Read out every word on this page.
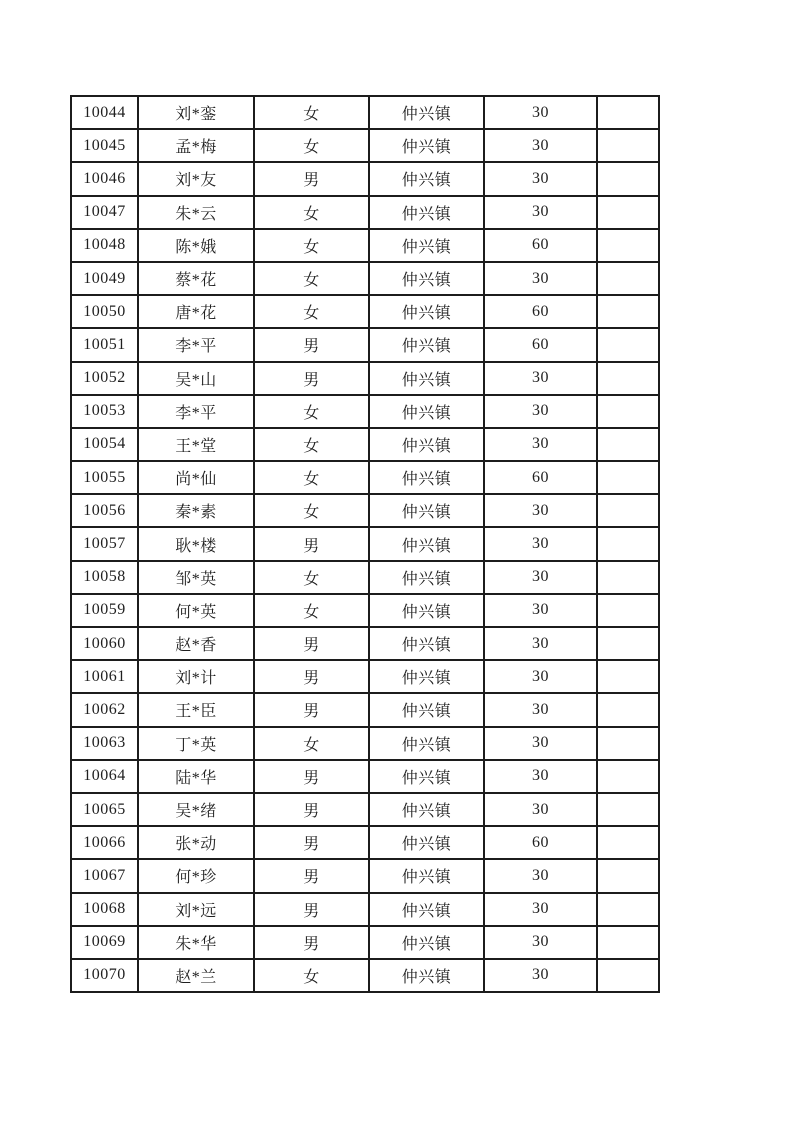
10044	刘*銮	女	仲兴镇	30	
10045	孟*梅	女	仲兴镇	30	
10046	刘*友	男	仲兴镇	30	
10047	朱*云	女	仲兴镇	30	
10048	陈*娥	女	仲兴镇	60	
10049	蔡*花	女	仲兴镇	30	
10050	唐*花	女	仲兴镇	60	
10051	李*平	男	仲兴镇	60	
10052	吴*山	男	仲兴镇	30	
10053	李*平	女	仲兴镇	30	
10054	王*堂	女	仲兴镇	30	
10055	尚*仙	女	仲兴镇	60	
10056	秦*素	女	仲兴镇	30	
10057	耿*楼	男	仲兴镇	30	
10058	邹*英	女	仲兴镇	30	
10059	何*英	女	仲兴镇	30	
10060	赵*香	男	仲兴镇	30	
10061	刘*计	男	仲兴镇	30	
10062	王*臣	男	仲兴镇	30	
10063	丁*英	女	仲兴镇	30	
10064	陆*华	男	仲兴镇	30	
10065	吴*绪	男	仲兴镇	30	
10066	张*动	男	仲兴镇	60	
10067	何*珍	男	仲兴镇	30	
10068	刘*远	男	仲兴镇	30	
10069	朱*华	男	仲兴镇	30	
10070	赵*兰	女	仲兴镇	30	
